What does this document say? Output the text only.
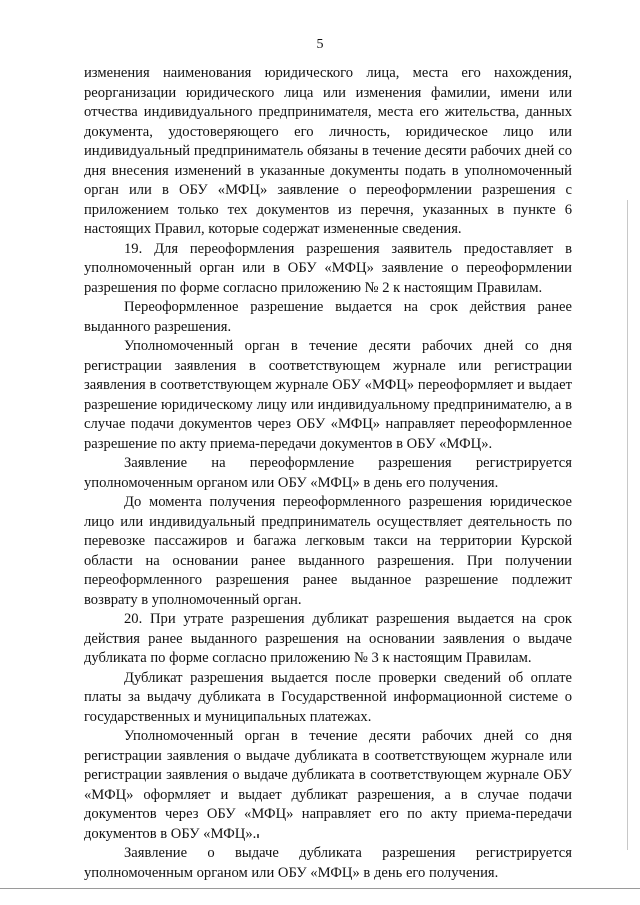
5

изменения наименования юридического лица, места его нахождения, реорганизации юридического лица или изменения фамилии, имени или отчества индивидуального предпринимателя, места его жительства, данных документа, удостоверяющего его личность, юридическое лицо или индивидуальный предприниматель обязаны в течение десяти рабочих дней со дня внесения изменений в указанные документы подать в уполномоченный орган или в ОБУ «МФЦ» заявление о переоформлении разрешения с приложением только тех документов из перечня, указанных в пункте 6 настоящих Правил, которые содержат измененные сведения.

19. Для переоформления разрешения заявитель предоставляет в уполномоченный орган или в ОБУ «МФЦ» заявление о переоформлении разрешения по форме согласно приложению № 2 к настоящим Правилам.

Переоформленное разрешение выдается на срок действия ранее выданного разрешения.

Уполномоченный орган в течение десяти рабочих дней со дня регистрации заявления в соответствующем журнале или регистрации заявления в соответствующем журнале ОБУ «МФЦ» переоформляет и выдает разрешение юридическому лицу или индивидуальному предпринимателю, а в случае подачи документов через ОБУ «МФЦ» направляет переоформленное разрешение по акту приема-передачи документов в ОБУ «МФЦ».

Заявление на переоформление разрешения регистрируется уполномоченным органом или ОБУ «МФЦ» в день его получения.

До момента получения переоформленного разрешения юридическое лицо или индивидуальный предприниматель осуществляет деятельность по перевозке пассажиров и багажа легковым такси на территории Курской области на основании ранее выданного разрешения. При получении переоформленного разрешения ранее выданное разрешение подлежит возврату в уполномоченный орган.

20. При утрате разрешения дубликат разрешения выдается на срок действия ранее выданного разрешения на основании заявления о выдаче дубликата по форме согласно приложению № 3 к настоящим Правилам.

Дубликат разрешения выдается после проверки сведений об оплате платы за выдачу дубликата в Государственной информационной системе о государственных и муниципальных платежах.

Уполномоченный орган в течение десяти рабочих дней со дня регистрации заявления о выдаче дубликата в соответствующем журнале или регистрации заявления о выдаче дубликата в соответствующем журнале ОБУ «МФЦ» оформляет и выдает дубликат разрешения, а в случае подачи документов через ОБУ «МФЦ» направляет его по акту приема-передачи документов в ОБУ «МФЦ».

Заявление о выдаче дубликата разрешения регистрируется уполномоченным органом или ОБУ «МФЦ» в день его получения.
